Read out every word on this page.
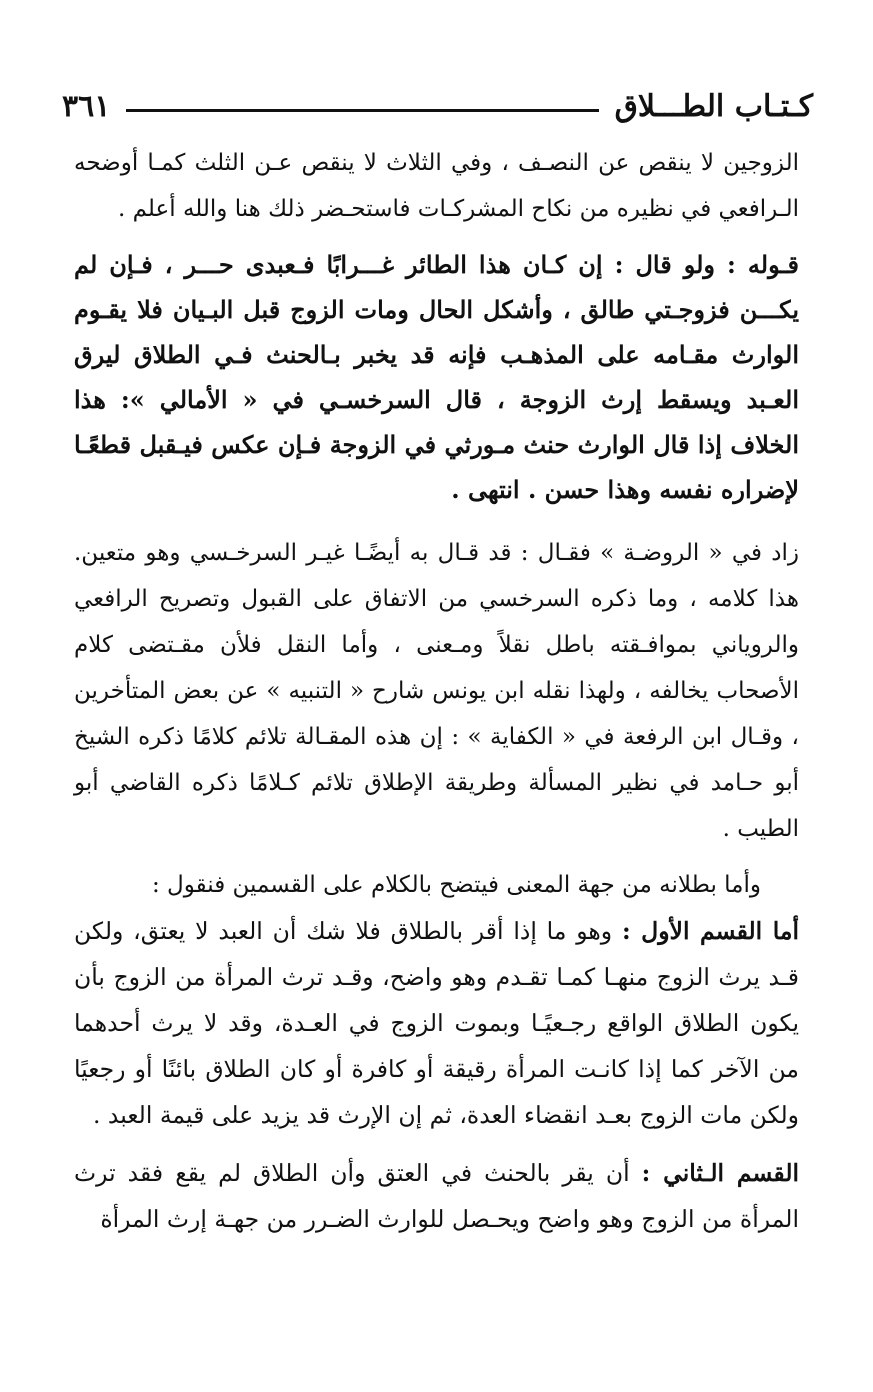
كـتـاب الطـــلاق
٣٦١

الزوجين لا ينقص عن النصـف ، وفي الثلاث لا ينقص عـن الثلث كمـا أوضحه الـرافعي في نظيره من نكاح المشركـات فاستحـضر ذلك هنا والله أعلم .

قـوله : ولو قال : إن كـان هذا الطائر غـــرابًا فـعبدى حـــر ، فـإن لم يكـــن فزوجـتي طالق ، وأشكل الحال ومات الزوج قبل البـيان فلا يقـوم الوارث مقـامه على المذهـب فإنه قد يخبر بـالحنث فـي الطلاق ليرق العـبد ويسقط إرث الزوجة ، قال السرخسـي في « الأمالي »: هذا الخلاف إذا قال الوارث حنث مـورثي في الزوجة فـإن عكس فيـقبل قطعًـا لإضراره نفسه وهذا حسن . انتهى .

زاد في « الروضـة » فقـال : قد قـال به أيضًـا غيـر السرخـسي وهو متعين. هذا كلامه ، وما ذكره السرخسي من الاتفاق على القبول وتصريح الرافعي والروياني بموافـقته باطل نقلاً ومـعنى ، وأما النقل فلأن مقـتضى كلام الأصحاب يخالفه ، ولهذا نقله ابن يونس شارح « التنبيه » عن بعض المتأخرين ، وقـال ابن الرفعة في « الكفاية » : إن هذه المقـالة تلائم كلامًا ذكره الشيخ أبو حـامد في نظير المسألة وطريقة الإطلاق تلائم كـلامًا ذكره القاضي أبو الطيب .

وأما بطلانه من جهة المعنى فيتضح بالكلام على القسمين فنقول :

أما القسم الأول : وهو ما إذا أقر بالطلاق فلا شك أن العبد لا يعتق، ولكن قـد يرث الزوج منهـا كمـا تقـدم وهو واضح، وقـد ترث المرأة من الزوج بأن يكون الطلاق الواقع رجـعيًـا وبموت الزوج في العـدة، وقد لا يرث أحدهما من الآخر كما إذا كانـت المرأة رقيقة أو كافرة أو كان الطلاق بائنًا أو رجعيًا ولكن مات الزوج بعـد انقضاء العدة، ثم إن الإرث قد يزيد على قيمة العبد .

القسم الـثاني : أن يقر بالحنث في العتق وأن الطلاق لم يقع فقد ترث المرأة من الزوج وهو واضح ويحـصل للوارث الضـرر من جهـة إرث المرأة
